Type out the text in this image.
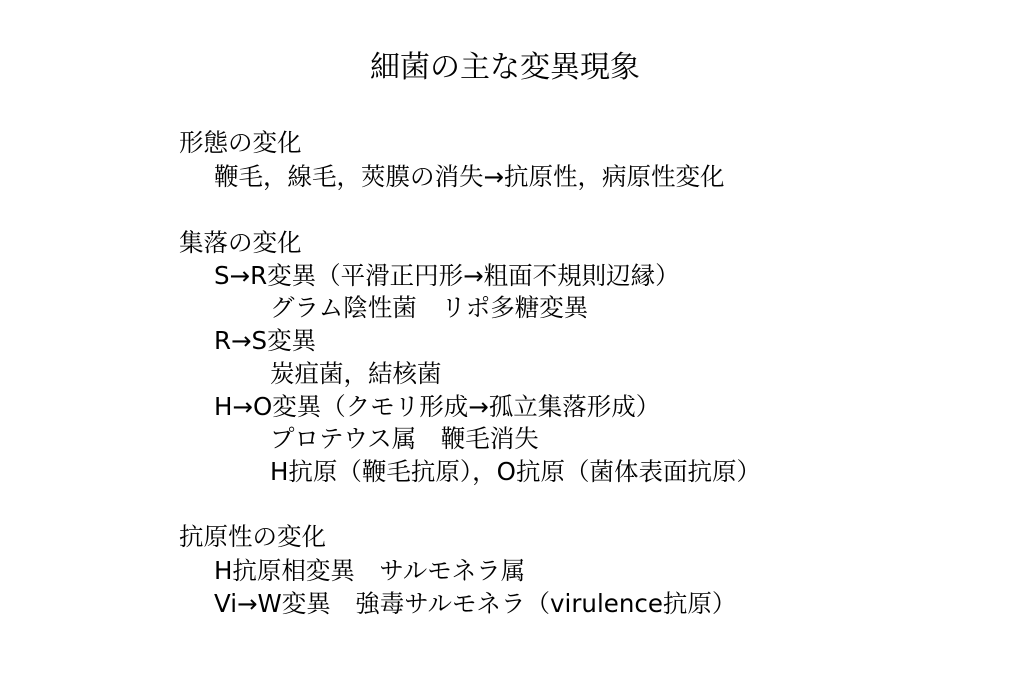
細菌の主な変異現象
形態の変化
鞭毛，線毛，莢膜の消失→抗原性，病原性変化
集落の変化
S→R変異（平滑正円形→粗面不規則辺縁）
グラム陰性菌　リポ多糖変異
R→S変異
炭疽菌，結核菌
H→O変異（クモリ形成→孤立集落形成）
プロテウス属　鞭毛消失
H抗原（鞭毛抗原），O抗原（菌体表面抗原）
抗原性の変化
H抗原相変異　サルモネラ属
Vi→W変異　強毒サルモネラ（virulence抗原）
